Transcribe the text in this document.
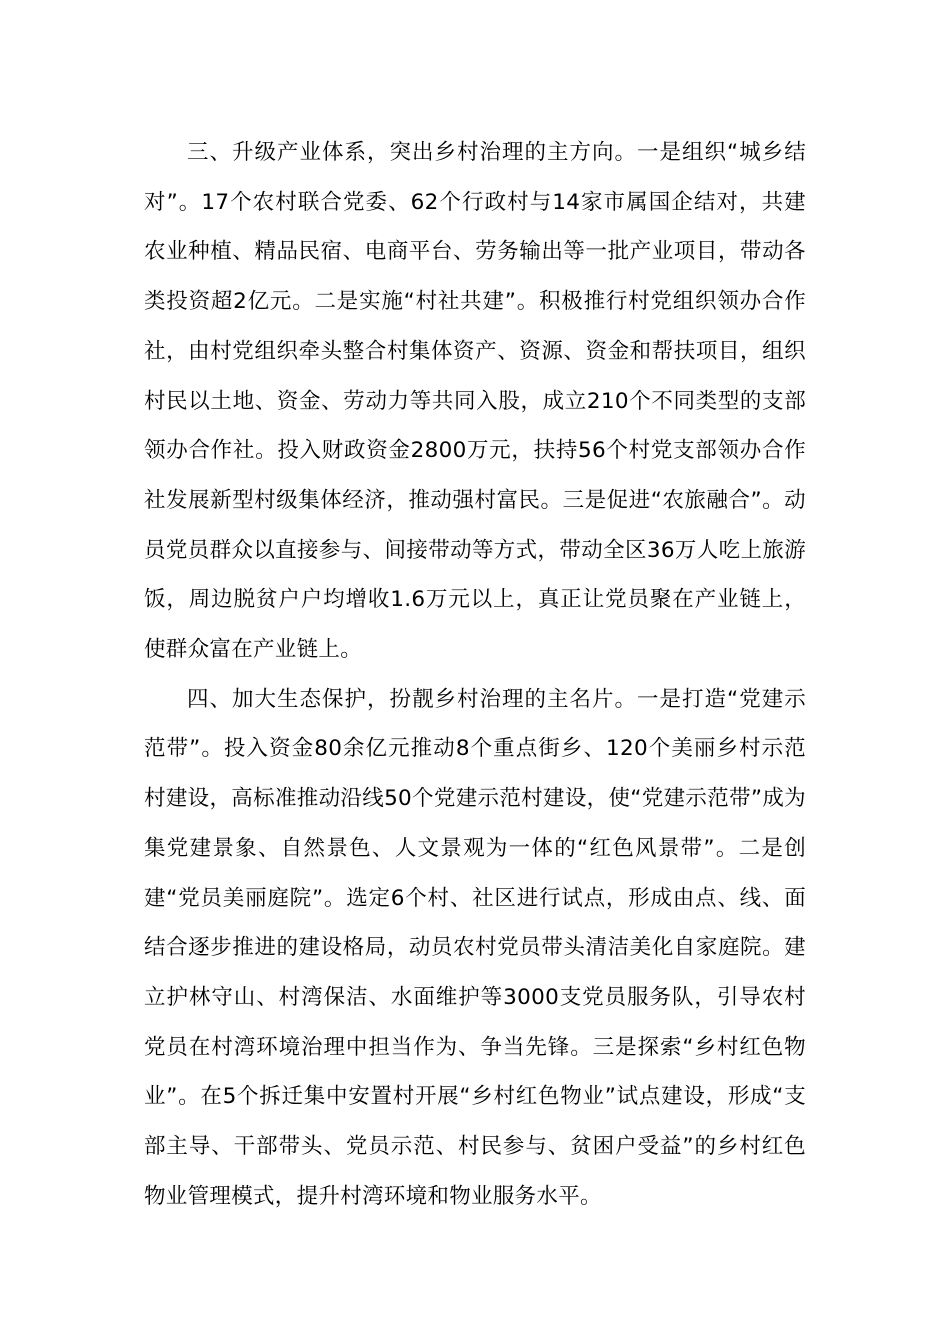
三、升级产业体系，突出乡村治理的主方向。一是组织“城乡结对”。17个农村联合党委、62个行政村与14家市属国企结对，共建农业种植、精品民宿、电商平台、劳务输出等一批产业项目，带动各类投资超2亿元。二是实施“村社共建”。积极推行村党组织领办合作社，由村党组织牵头整合村集体资产、资源、资金和帮扶项目，组织村民以土地、资金、劳动力等共同入股，成立210个不同类型的支部领办合作社。投入财政资金2800万元，扶持56个村党支部领办合作社发展新型村级集体经济，推动强村富民。三是促进“农旅融合”。动员党员群众以直接参与、间接带动等方式，带动全区36万人吃上旅游饭，周边脱贫户户均增收1.6万元以上，真正让党员聚在产业链上，使群众富在产业链上。

四、加大生态保护，扮靓乡村治理的主名片。一是打造“党建示范带”。投入资金80余亿元推动8个重点街乡、120个美丽乡村示范村建设，高标准推动沿线50个党建示范村建设，使“党建示范带”成为集党建景象、自然景色、人文景观为一体的“红色风景带”。二是创建“党员美丽庭院”。选定6个村、社区进行试点，形成由点、线、面结合逐步推进的建设格局，动员农村党员带头清洁美化自家庭院。建立护林守山、村湾保洁、水面维护等3000支党员服务队，引导农村党员在村湾环境治理中担当作为、争当先锋。三是探索“乡村红色物业”。在5个拆迁集中安置村开展“乡村红色物业”试点建设，形成“支部主导、干部带头、党员示范、村民参与、贫困户受益”的乡村红色物业管理模式，提升村湾环境和物业服务水平。
